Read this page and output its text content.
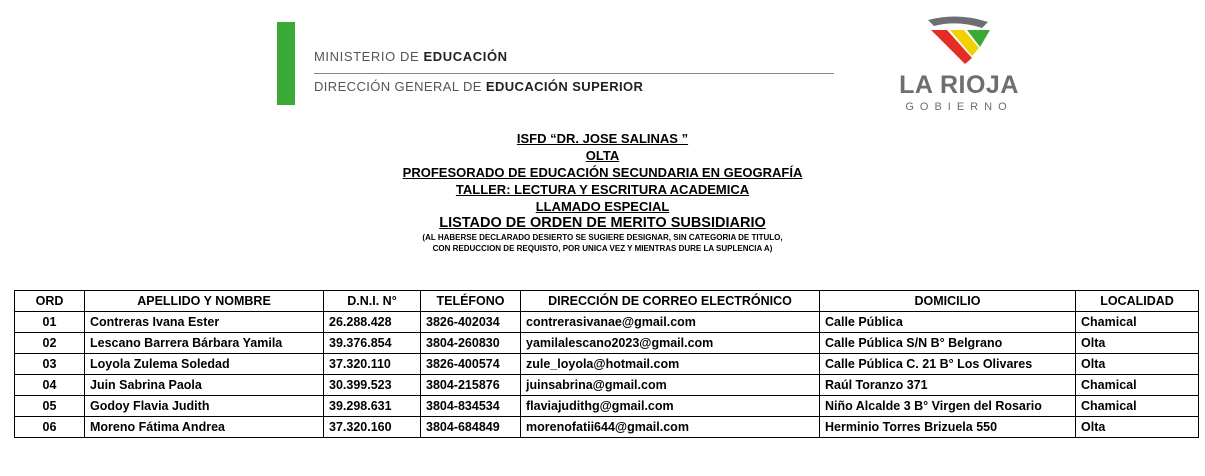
MINISTERIO DE EDUCACIÓN
DIRECCIÓN GENERAL DE EDUCACIÓN SUPERIOR	LA RIOJA
GOBIERNO
ISFD “DR. JOSE SALINAS ”
OLTA
PROFESORADO DE EDUCACIÓN SECUNDARIA EN GEOGRAFÍA
TALLER: LECTURA Y ESCRITURA ACADEMICA
LLAMADO ESPECIAL
LISTADO DE ORDEN DE MERITO SUBSIDIARIO
(AL HABERSE DECLARADO DESIERTO SE SUGIERE DESIGNAR, SIN CATEGORIA DE TITULO,
CON REDUCCION DE REQUISTO, POR UNICA VEZ Y MIENTRAS DURE LA SUPLENCIA A)
ORD	APELLIDO Y NOMBRE	D.N.I. N°	TELÉFONO	DIRECCIÓN DE CORREO ELECTRÓNICO	DOMICILIO	LOCALIDAD
01	Contreras Ivana Ester	26.288.428	3826-402034	contrerasivanae@gmail.com	Calle Pública	Chamical
02	Lescano Barrera Bárbara Yamila	39.376.854	3804-260830	yamilalescano2023@gmail.com	Calle Pública S/N B° Belgrano	Olta
03	Loyola Zulema Soledad	37.320.110	3826-400574	zule_loyola@hotmail.com	Calle Pública C. 21 B° Los Olivares	Olta
04	Juin Sabrina Paola	30.399.523	3804-215876	juinsabrina@gmail.com	Raúl Toranzo 371	Chamical
05	Godoy Flavia Judith	39.298.631	3804-834534	flaviajudithg@gmail.com	Niño Alcalde 3 B° Virgen del Rosario	Chamical
06	Moreno Fátima Andrea	37.320.160	3804-684849	morenofatii644@gmail.com	Herminio Torres Brizuela 550	Olta
